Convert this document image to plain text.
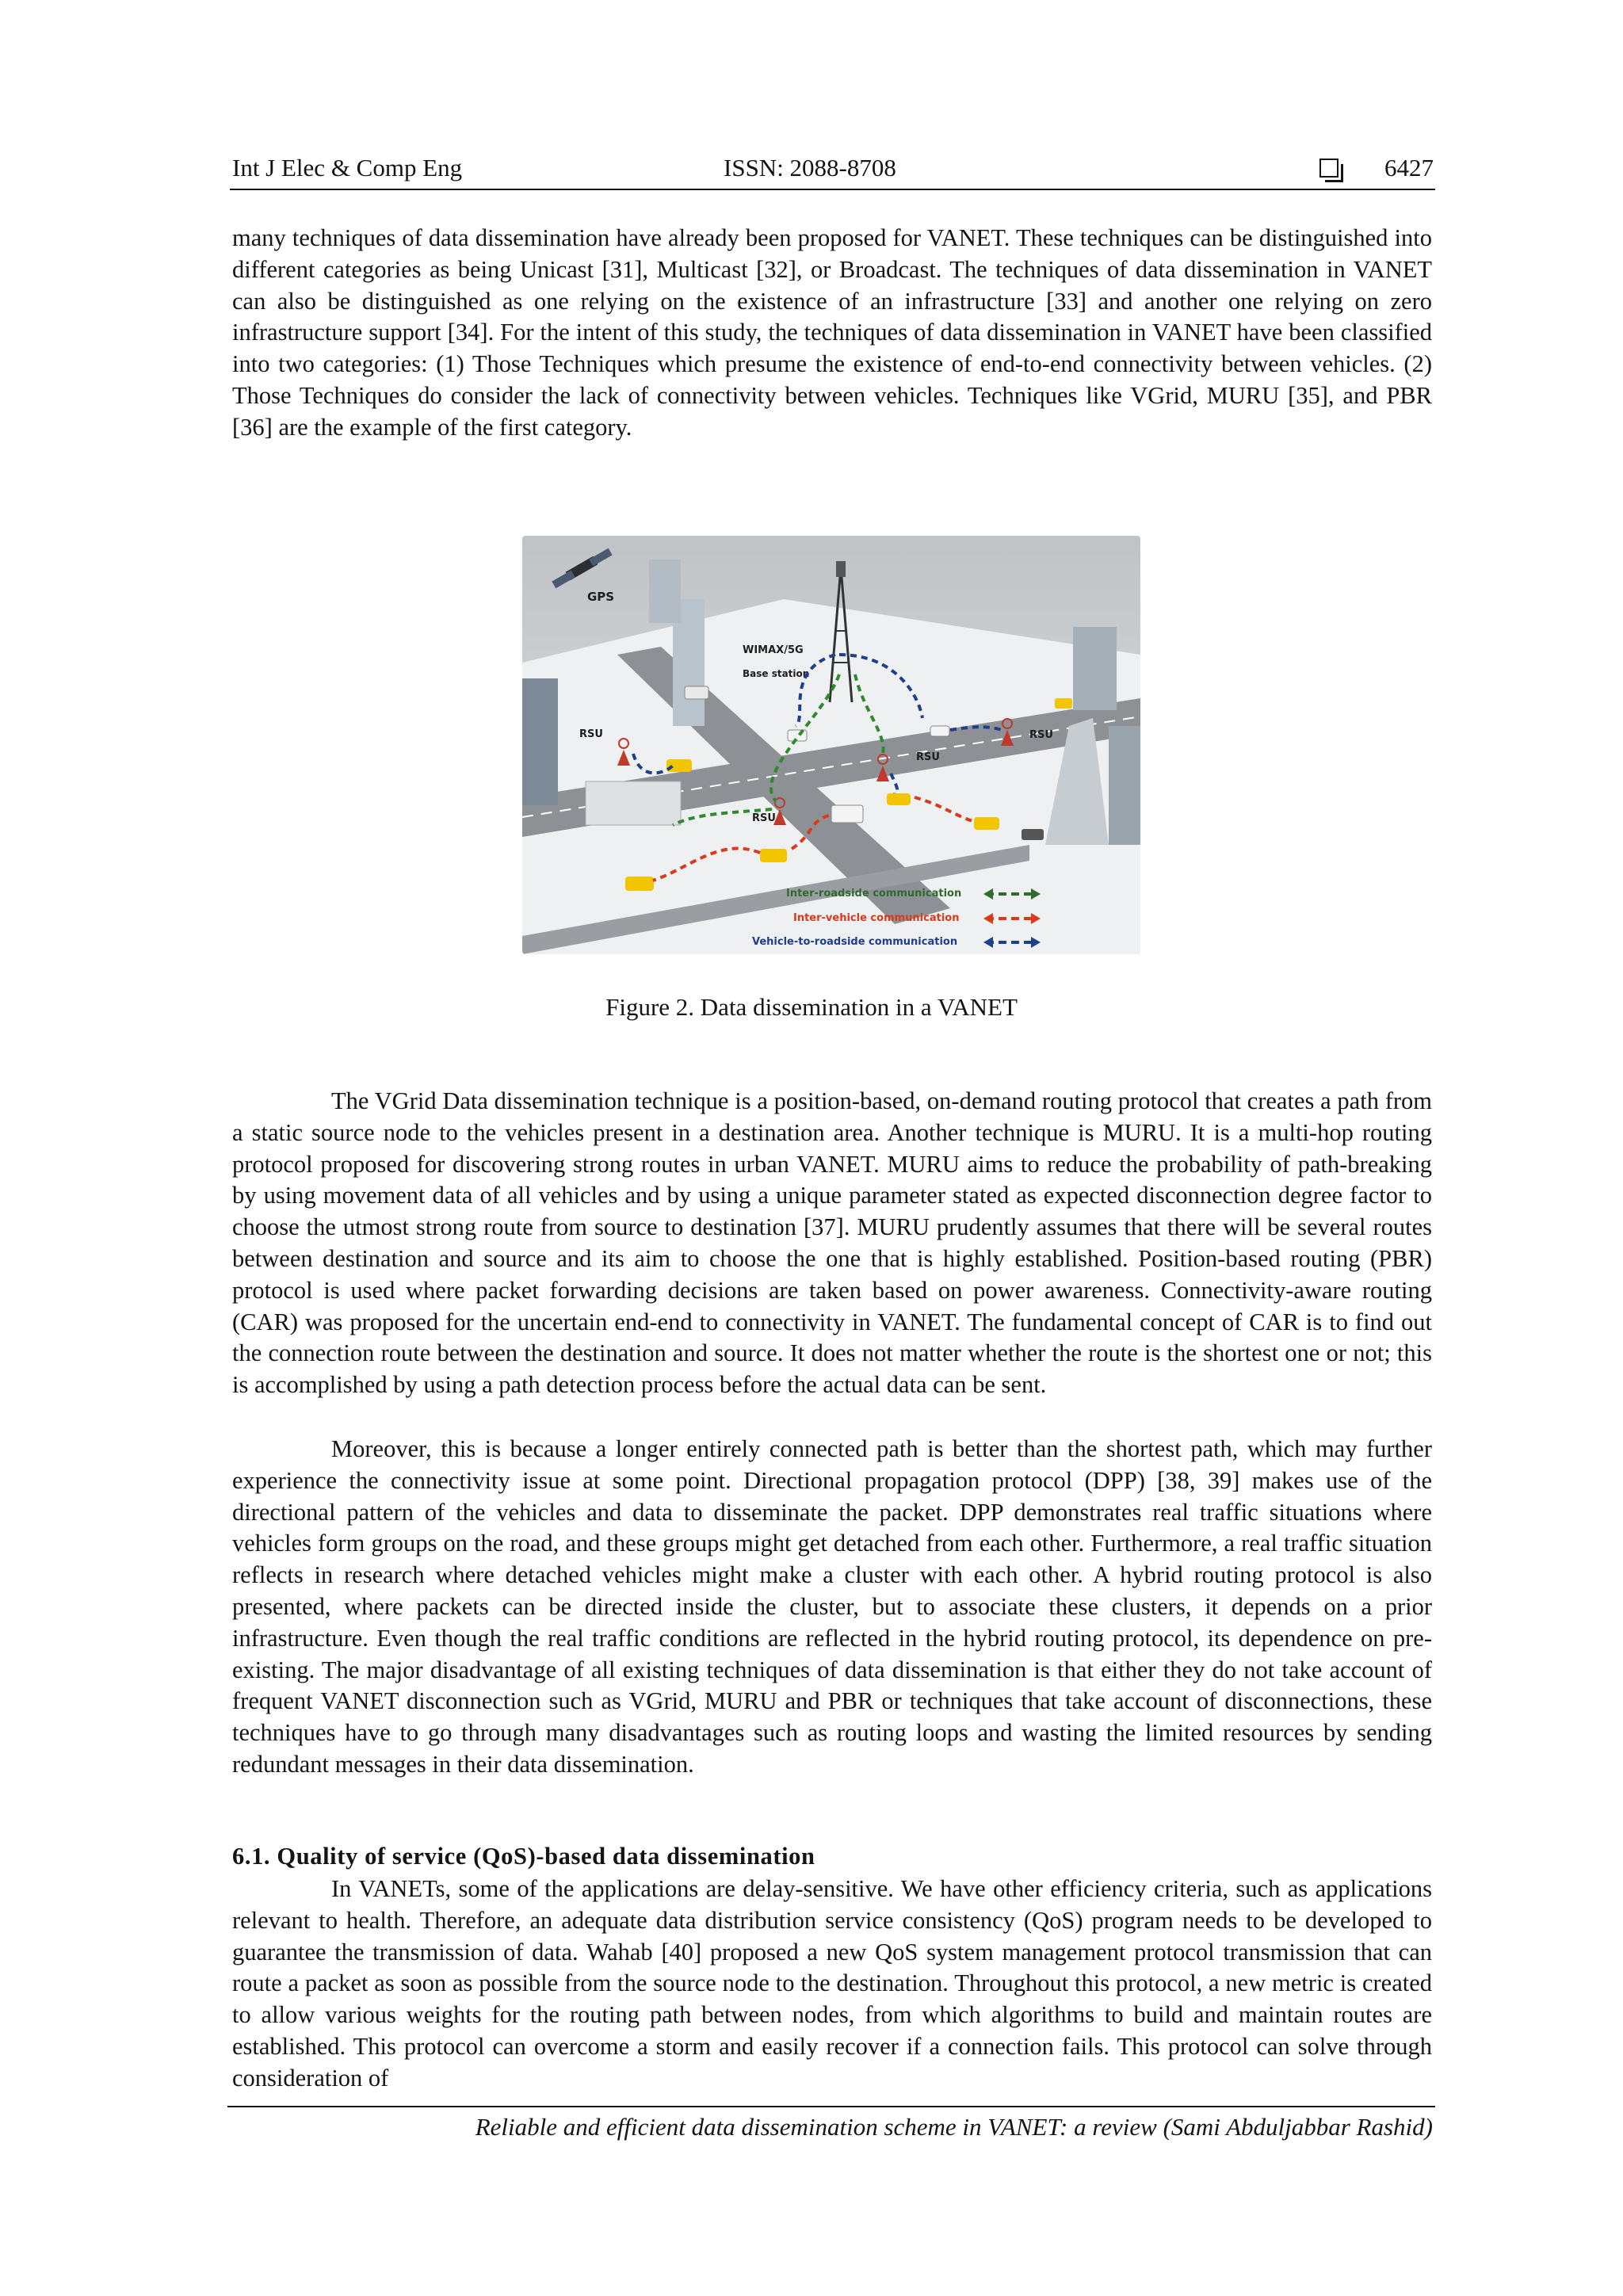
Int J Elec & Comp Eng	ISSN: 2088-8708	6427

many techniques of data dissemination have already been proposed for VANET. These techniques can be distinguished into different categories as being Unicast [31], Multicast [32], or Broadcast. The techniques of data dissemination in VANET can also be distinguished as one relying on the existence of an infrastructure [33] and another one relying on zero infrastructure support [34]. For the intent of this study, the techniques of data dissemination in VANET have been classified into two categories: (1) Those Techniques which presume the existence of end-to-end connectivity between vehicles. (2) Those Techniques do consider the lack of connectivity between vehicles. Techniques like VGrid, MURU [35], and PBR [36] are the example of the first category.

GPS
WIMAX/5G
Base station
RSU
RSU
RSU
RSU
Inter-roadside communication
Inter-vehicle communication
Vehicle-to-roadside communication
Figure 2. Data dissemination in a VANET

The VGrid Data dissemination technique is a position-based, on-demand routing protocol that creates a path from a static source node to the vehicles present in a destination area. Another technique is MURU. It is a multi-hop routing protocol proposed for discovering strong routes in urban VANET. MURU aims to reduce the probability of path-breaking by using movement data of all vehicles and by using a unique parameter stated as expected disconnection degree factor to choose the utmost strong route from source to destination [37]. MURU prudently assumes that there will be several routes between destination and source and its aim to choose the one that is highly established. Position-based routing (PBR) protocol is used where packet forwarding decisions are taken based on power awareness. Connectivity-aware routing (CAR) was proposed for the uncertain end-end to connectivity in VANET. The fundamental concept of CAR is to find out the connection route between the destination and source. It does not matter whether the route is the shortest one or not; this is accomplished by using a path detection process before the actual data can be sent.

Moreover, this is because a longer entirely connected path is better than the shortest path, which may further experience the connectivity issue at some point. Directional propagation protocol (DPP) [38, 39] makes use of the directional pattern of the vehicles and data to disseminate the packet. DPP demonstrates real traffic situations where vehicles form groups on the road, and these groups might get detached from each other. Furthermore, a real traffic situation reflects in research where detached vehicles might make a cluster with each other. A hybrid routing protocol is also presented, where packets can be directed inside the cluster, but to associate these clusters, it depends on a prior infrastructure. Even though the real traffic conditions are reflected in the hybrid routing protocol, its dependence on pre-existing. The major disadvantage of all existing techniques of data dissemination is that either they do not take account of frequent VANET disconnection such as VGrid, MURU and PBR or techniques that take account of disconnections, these techniques have to go through many disadvantages such as routing loops and wasting the limited resources by sending redundant messages in their data dissemination.

6.1. Quality of service (QoS)-based data dissemination

In VANETs, some of the applications are delay-sensitive. We have other efficiency criteria, such as applications relevant to health. Therefore, an adequate data distribution service consistency (QoS) program needs to be developed to guarantee the transmission of data. Wahab [40] proposed a new QoS system management protocol transmission that can route a packet as soon as possible from the source node to the destination. Throughout this protocol, a new metric is created to allow various weights for the routing path between nodes, from which algorithms to build and maintain routes are established. This protocol can overcome a storm and easily recover if a connection fails. This protocol can solve through consideration of

Reliable and efficient data dissemination scheme in VANET: a review (Sami Abduljabbar Rashid)
